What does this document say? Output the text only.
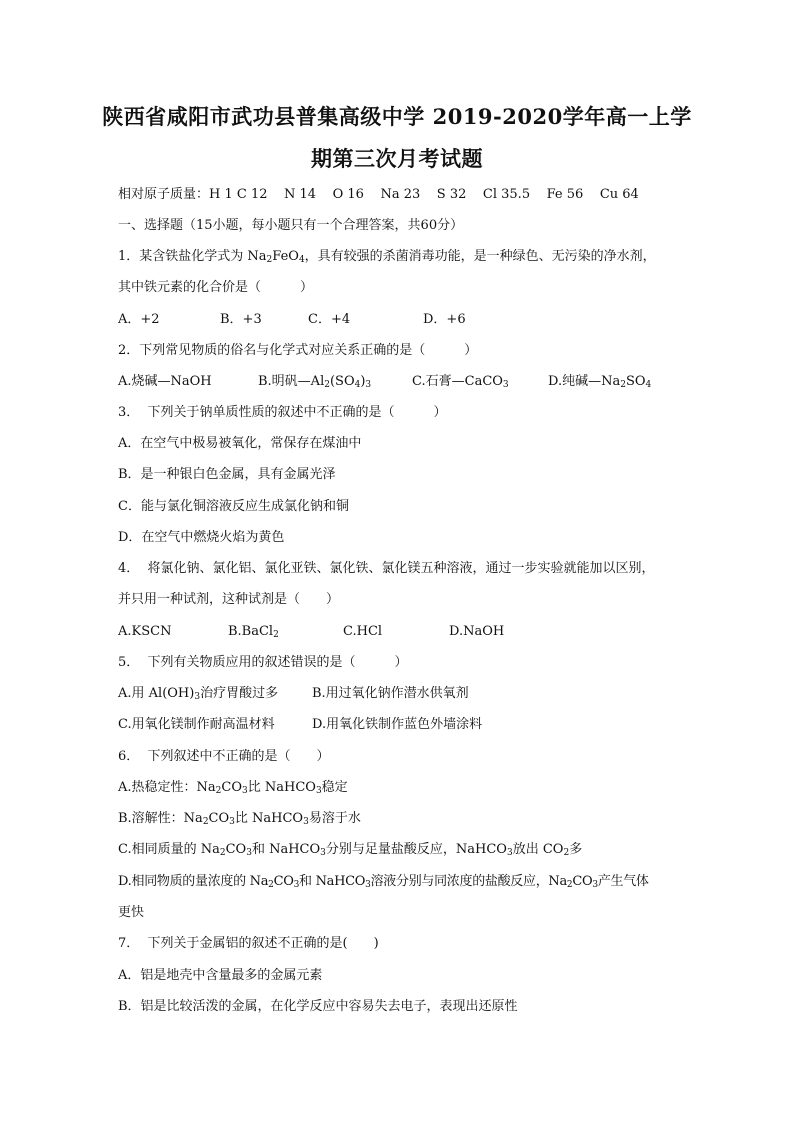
陕西省咸阳市武功县普集高级中学 2019-2020学年高一上学
期第三次月考试题
相对原子质量：H 1 C 12    N 14    O 16    Na 23    S 32    Cl 35.5    Fe 56    Cu 64
一、选择题（15小题，每小题只有一个合理答案，共60分）
1．某含铁盐化学式为 $Na_2FeO_4$，具有较强的杀菌消毒功能，是一种绿色、无污染的净水剂，
其中铁元素的化合价是（　　　）
A．+2	B．+3	C．+4	D．+6
2．下列常见物质的俗名与化学式对应关系正确的是（　　　）
A.烧碱—NaOH	B.明矾$—Al_2(SO_4)_3$	C.石膏—CaCO$_3$	D.纯碱$—Na_2SO_4$
3．  下列关于钠单质性质的叙述中不正确的是（　　　）
A．在空气中极易被氧化，常保存在煤油中
B．是一种银白色金属，具有金属光泽
C．能与氯化铜溶液反应生成氯化钠和铜
D．在空气中燃烧火焰为黄色
4．  将氯化钠、氯化铝、氯化亚铁、氯化铁、氯化镁五种溶液，通过一步实验就能加以区别，
并只用一种试剂，这种试剂是（　　）
A.KSCN	B.BaCl$_2$	C.HCl	D.NaOH
5．  下列有关物质应用的叙述错误的是（　　　）
A.用 $Al(OH)_3$治疗胃酸过多	B.用过氧化钠作潜水供氧剂
C.用氧化镁制作耐高温材料	D.用氧化铁制作蓝色外墙涂料
6．  下列叙述中不正确的是（　　）
A.热稳定性：$Na_2CO_3$比 NaHCO$_3$稳定
B.溶解性：$Na_2CO_3$比 NaHCO$_3$易溶于水
C.相同质量的 $Na_2CO_3$和 NaHCO$_3$分别与足量盐酸反应，NaHCO$_3$放出 $CO_2$多
D.相同物质的量浓度的 $Na_2CO_3$和 NaHCO$_3$溶液分别与同浓度的盐酸反应，$Na_2CO_3$产生气体
更快
7．  下列关于金属铝的叙述不正确的是(　　)
A．铝是地壳中含量最多的金属元素
B．铝是比较活泼的金属，在化学反应中容易失去电子，表现出还原性
